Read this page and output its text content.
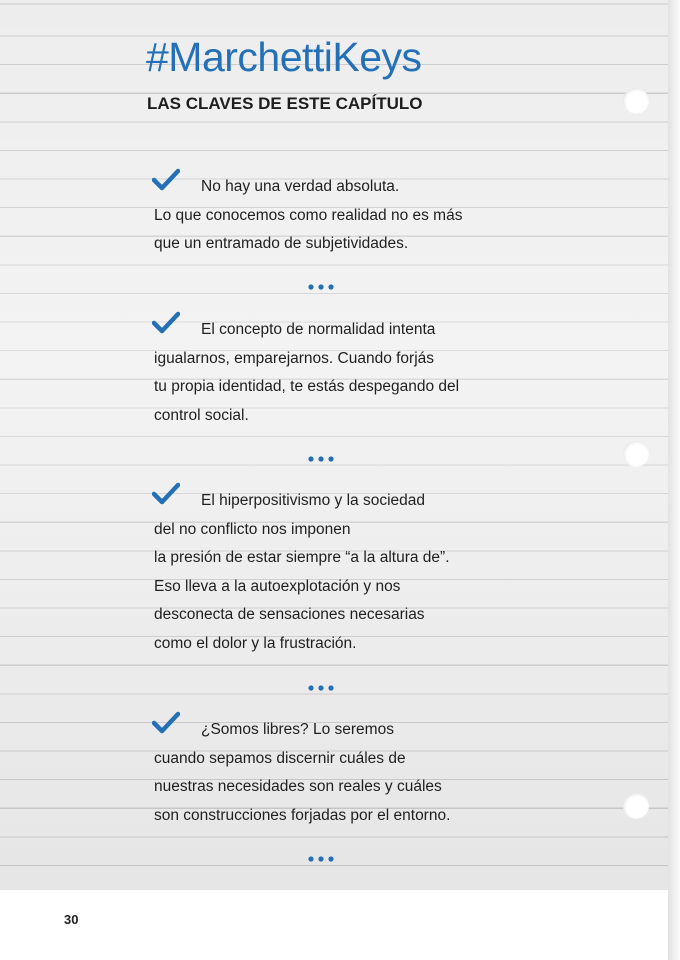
#MarchettiKeys
LAS CLAVES DE ESTE CAPÍTULO
No hay una verdad absoluta.
Lo que conocemos como realidad no es más
que un entramado de subjetividades.
El concepto de normalidad intenta
igualarnos, emparejarnos. Cuando forjás
tu propia identidad, te estás despegando del
control social.
El hiperpositivismo y la sociedad
del no conflicto nos imponen
la presión de estar siempre “a la altura de”.
Eso lleva a la autoexplotación y nos
desconecta de sensaciones necesarias
como el dolor y la frustración.
¿Somos libres? Lo seremos
cuando sepamos discernir cuáles de
nuestras necesidades son reales y cuáles
son construcciones forjadas por el entorno.
30
